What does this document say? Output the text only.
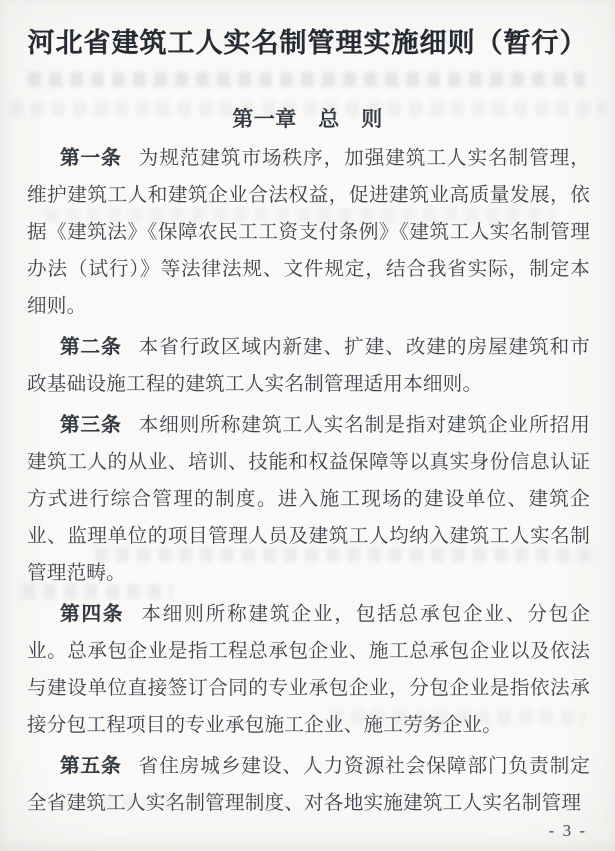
河北省建筑工人实名制管理实施细则（暂行）
第一章　总　则

第一条 为规范建筑市场秩序，加强建筑工人实名制管理，维护建筑工人和建筑企业合法权益，促进建筑业高质量发展，依据《建筑法》《保障农民工工资支付条例》《建筑工人实名制管理办法（试行）》等法律法规、文件规定，结合我省实际，制定本细则。

第二条 本省行政区域内新建、扩建、改建的房屋建筑和市政基础设施工程的建筑工人实名制管理适用本细则。

第三条 本细则所称建筑工人实名制是指对建筑企业所招用建筑工人的从业、培训、技能和权益保障等以真实身份信息认证方式进行综合管理的制度。进入施工现场的建设单位、建筑企业、监理单位的项目管理人员及建筑工人均纳入建筑工人实名制管理范畴。

第四条 本细则所称建筑企业，包括总承包企业、分包企业。总承包企业是指工程总承包企业、施工总承包企业以及依法与建设单位直接签订合同的专业承包企业，分包企业是指依法承接分包工程项目的专业承包施工企业、施工劳务企业。

第五条 省住房城乡建设、人力资源社会保障部门负责制定全省建筑工人实名制管理制度、对各地实施建筑工人实名制管理

- 3 -
